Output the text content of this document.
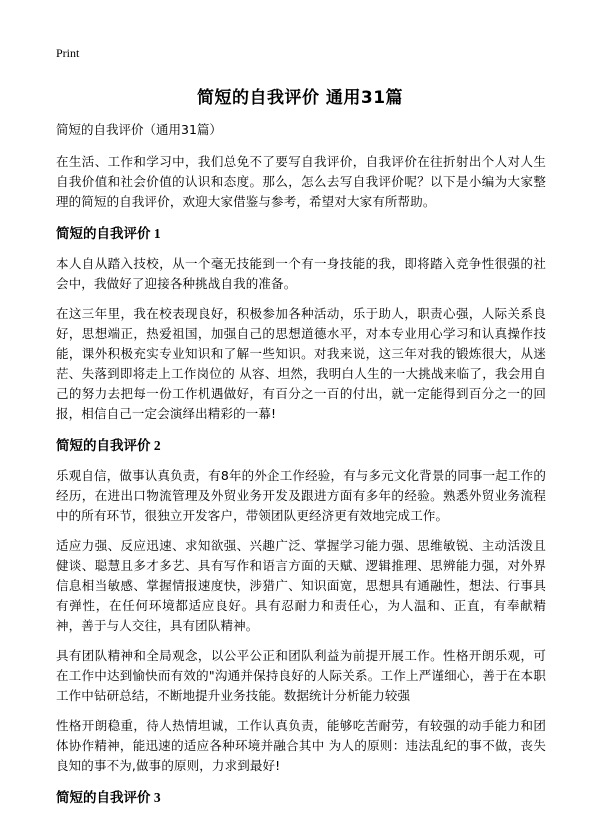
Print
简短的自我评价 通用31篇
简短的自我评价（通用31篇）

在生活、工作和学习中，我们总免不了要写自我评价，自我评价在往折射出个人对人生自我价值和社会价值的认识和态度。那么，怎么去写自我评价呢？以下是小编为大家整理的简短的自我评价，欢迎大家借鉴与参考，希望对大家有所帮助。

简短的自我评价 1

本人自从踏入技校，从一个毫无技能到一个有一身技能的我，即将踏入竞争性很强的社会中，我做好了迎接各种挑战自我的准备。

在这三年里，我在校表现良好，积极参加各种活动，乐于助人，职责心强，人际关系良好，思想端正，热爱祖国，加强自己的思想道德水平，对本专业用心学习和认真操作技能，课外积极充实专业知识和了解一些知识。对我来说，这三年对我的锻炼很大，从迷茫、失落到即将走上工作岗位的 从容、坦然，我明白人生的一大挑战来临了，我会用自己的努力去把每一份工作机遇做好，有百分之一百的付出，就一定能得到百分之一的回报，相信自己一定会演绎出精彩的一幕!

简短的自我评价 2

乐观自信，做事认真负责，有8年的外企工作经验，有与多元文化背景的同事一起工作的经历，在进出口物流管理及外贸业务开发及跟进方面有多年的经验。熟悉外贸业务流程中的所有环节，很独立开发客户，带领团队更经济更有效地完成工作。

适应力强、反应迅速、求知欲强、兴趣广泛、掌握学习能力强、思维敏锐、主动活泼且健谈、聪慧且多才多艺、具有写作和语言方面的天赋、逻辑推理、思辨能力强，对外界信息相当敏感、掌握情报速度快，涉猎广、知识面宽，思想具有通融性，想法、行事具有弹性，在任何环境都适应良好。具有忍耐力和责任心，为人温和、正直，有奉献精神，善于与人交往，具有团队精神。

具有团队精神和全局观念，以公平公正和团队利益为前提开展工作。性格开朗乐观，可在工作中达到愉快而有效的"沟通并保持良好的人际关系。工作上严谨细心，善于在本职工作中钻研总结，不断地提升业务技能。数据统计分析能力较强

性格开朗稳重，待人热情坦诚，工作认真负责，能够吃苦耐劳，有较强的动手能力和团体协作精神，能迅速的适应各种环境并融合其中 为人的原则：违法乱纪的事不做，丧失良知的事不为,做事的原则，力求到最好!

简短的自我评价 3
